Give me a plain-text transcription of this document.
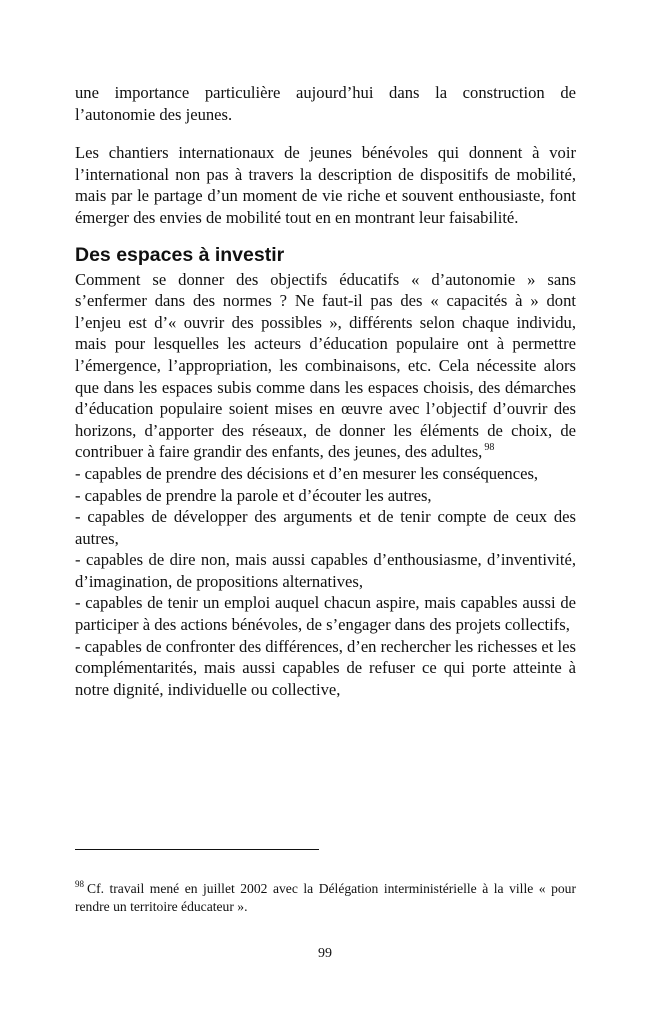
une importance particulière aujourd’hui dans la construction de l’autonomie des jeunes.

Les chantiers internationaux de jeunes bénévoles qui donnent à voir l’international non pas à travers la description de dispositifs de mobilité, mais par le partage d’un moment de vie riche et souvent enthousiaste, font émerger des envies de mobilité tout en en montrant leur faisabilité.

Des espaces à investir

Comment se donner des objectifs éducatifs « d’autonomie » sans s’enfermer dans des normes ? Ne faut-il pas des « capacités à » dont l’enjeu est d’« ouvrir des possibles », différents selon chaque individu, mais pour lesquelles les acteurs d’éducation populaire ont à permettre l’émergence, l’appropriation, les combinaisons, etc. Cela nécessite alors que dans les espaces subis comme dans les espaces choisis, des démarches d’éducation populaire soient mises en œuvre avec l’objectif d’ouvrir des horizons, d’apporter des réseaux, de donner les éléments de choix, de contribuer à faire grandir des enfants, des jeunes, des adultes, $^{98}$

- capables de prendre des décisions et d’en mesurer les conséquences,

- capables de prendre la parole et d’écouter les autres,

- capables de développer des arguments et de tenir compte de ceux des autres,

- capables de dire non, mais aussi capables d’enthousiasme, d’inventivité, d’imagination, de propositions alternatives,

- capables de tenir un emploi auquel chacun aspire, mais capables aussi de participer à des actions bénévoles, de s’engager dans des projets collectifs,

- capables de confronter des différences, d’en rechercher les richesses et les complémentarités, mais aussi capables de refuser ce qui porte atteinte à notre dignité, individuelle ou collective,

$^{98}$ Cf. travail mené en juillet 2002 avec la Délégation interministérielle à la ville « pour rendre un territoire éducateur ».
99
